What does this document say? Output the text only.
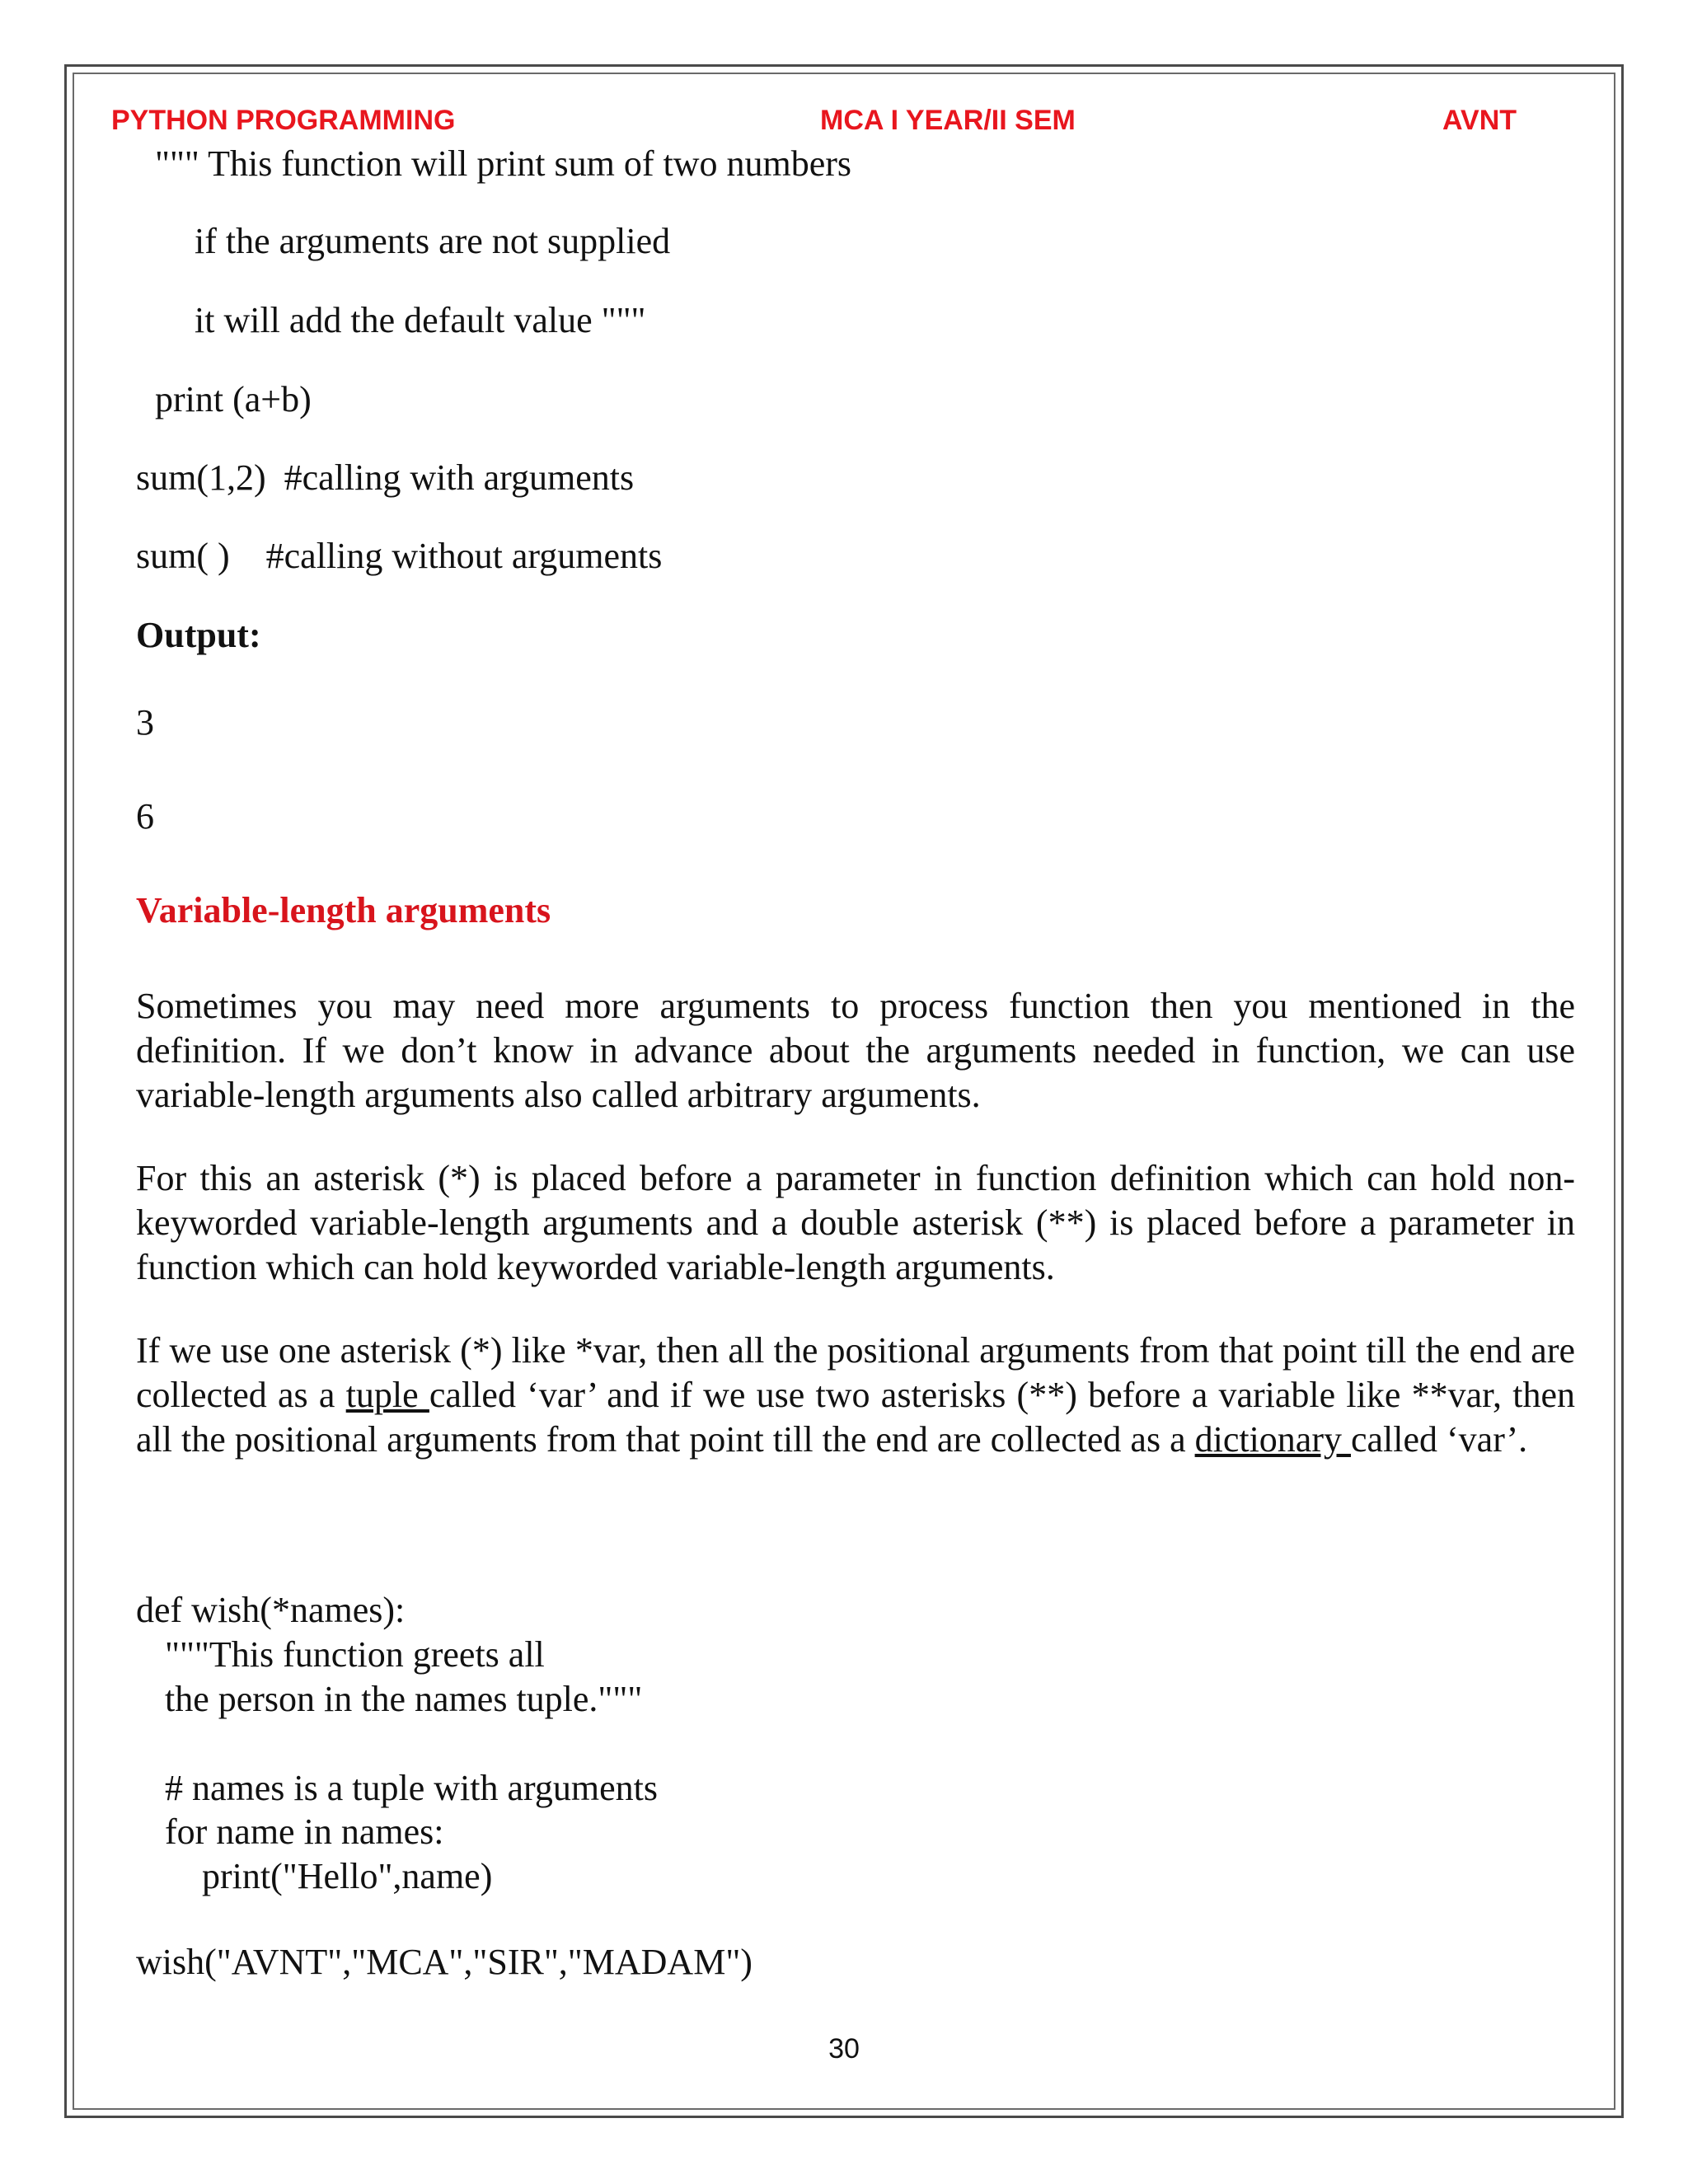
PYTHON PROGRAMMING	MCA I YEAR/II SEM	AVNT

""" This function will print sum of two numbers

if the arguments are not supplied

it will add the default value """

print (a+b)

sum(1,2)  #calling with arguments

sum( )    #calling without arguments

Output:

3

6

Variable-length arguments

Sometimes you may need more arguments to process function then you mentioned in the definition. If we don’t know in advance about the arguments needed in function, we can use variable-length arguments also called arbitrary arguments.

For this an asterisk (*) is placed before a parameter in function definition which can hold non-keyworded variable-length arguments and a double asterisk (**) is placed before a parameter in function which can hold keyworded variable-length arguments.

If we use one asterisk (*) like *var, then all the positional arguments from that point till the end are collected as a tuple called ‘var’ and if we use two asterisks (**) before a variable like **var, then all the positional arguments from that point till the end are collected as a dictionary called ‘var’.

def wish(*names):

"""This function greets all

the person in the names tuple."""

# names is a tuple with arguments

for name in names:

print("Hello",name)

wish("AVNT","MCA","SIR","MADAM")

30
